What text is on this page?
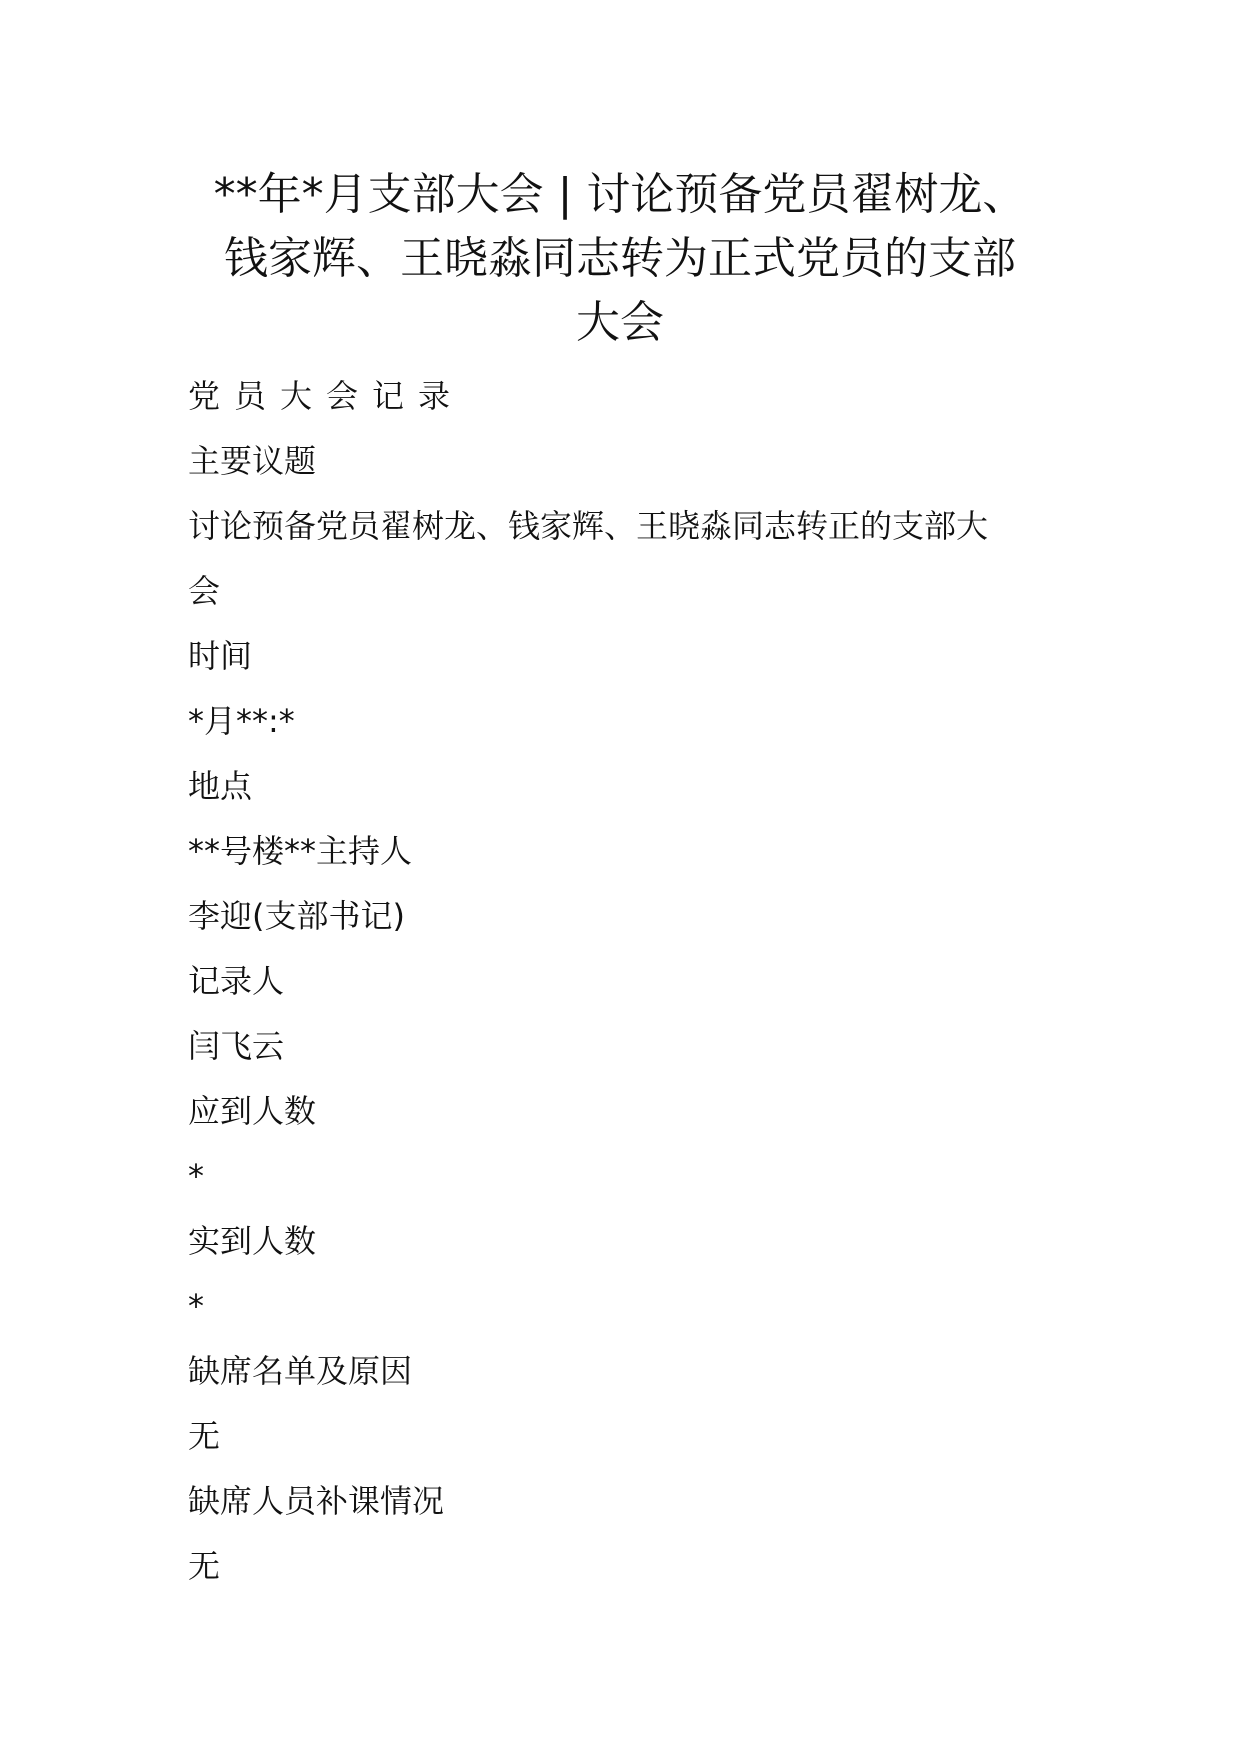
**年*月支部大会 | 讨论预备党员翟树龙、
钱家辉、王晓淼同志转为正式党员的支部
大会
党员大会记录
主要议题
讨论预备党员翟树龙、钱家辉、王晓淼同志转正的支部大
会
时间
*月**:*
地点
**号楼**主持人
李迎(支部书记)
记录人
闫飞云
应到人数
*
实到人数
*
缺席名单及原因
无
缺席人员补课情况
无
